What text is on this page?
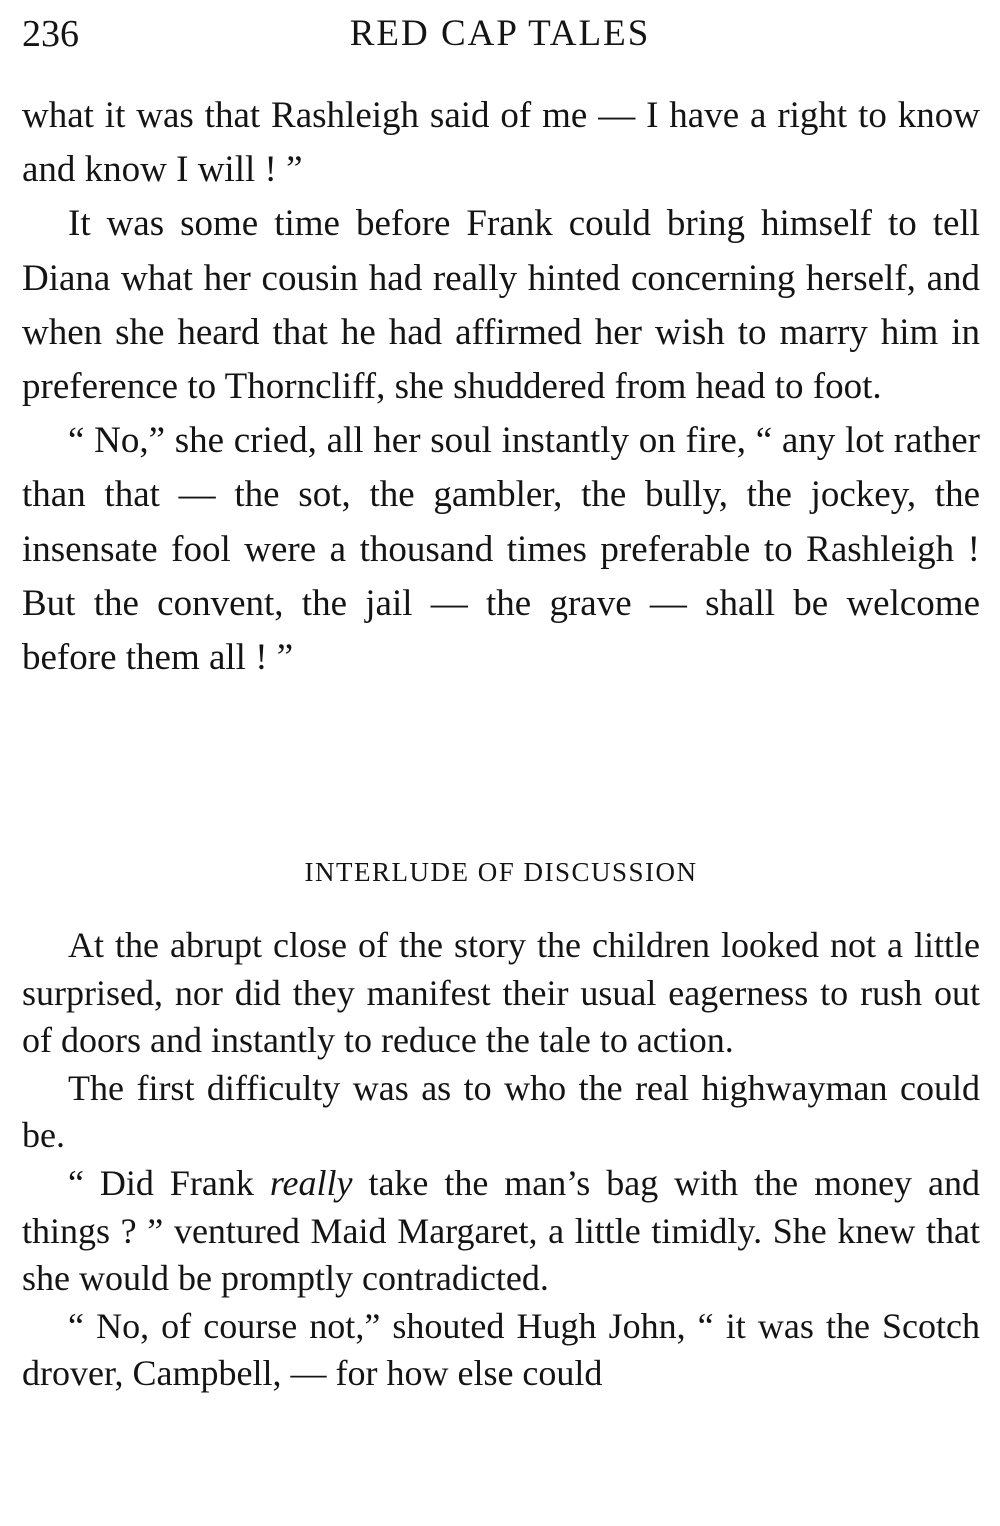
236	RED CAP TALES

what it was that Rashleigh said of me — I have a right to know and know I will ! ”

It was some time before Frank could bring himself to tell Diana what her cousin had really hinted concerning herself, and when she heard that he had affirmed her wish to marry him in preference to Thorncliff, she shuddered from head to foot.

“ No,” she cried, all her soul instantly on fire, “ any lot rather than that — the sot, the gambler, the bully, the jockey, the insensate fool were a thousand times preferable to Rashleigh ! But the convent, the jail — the grave — shall be welcome before them all ! ”

INTERLUDE OF DISCUSSION

At the abrupt close of the story the children looked not a little surprised, nor did they manifest their usual eagerness to rush out of doors and instantly to reduce the tale to action.

The first difficulty was as to who the real highwayman could be.

“ Did Frank really take the man’s bag with the money and things ? ” ventured Maid Margaret, a little timidly. She knew that she would be promptly contradicted.

“ No, of course not,” shouted Hugh John, “ it was the Scotch drover, Campbell, — for how else could
